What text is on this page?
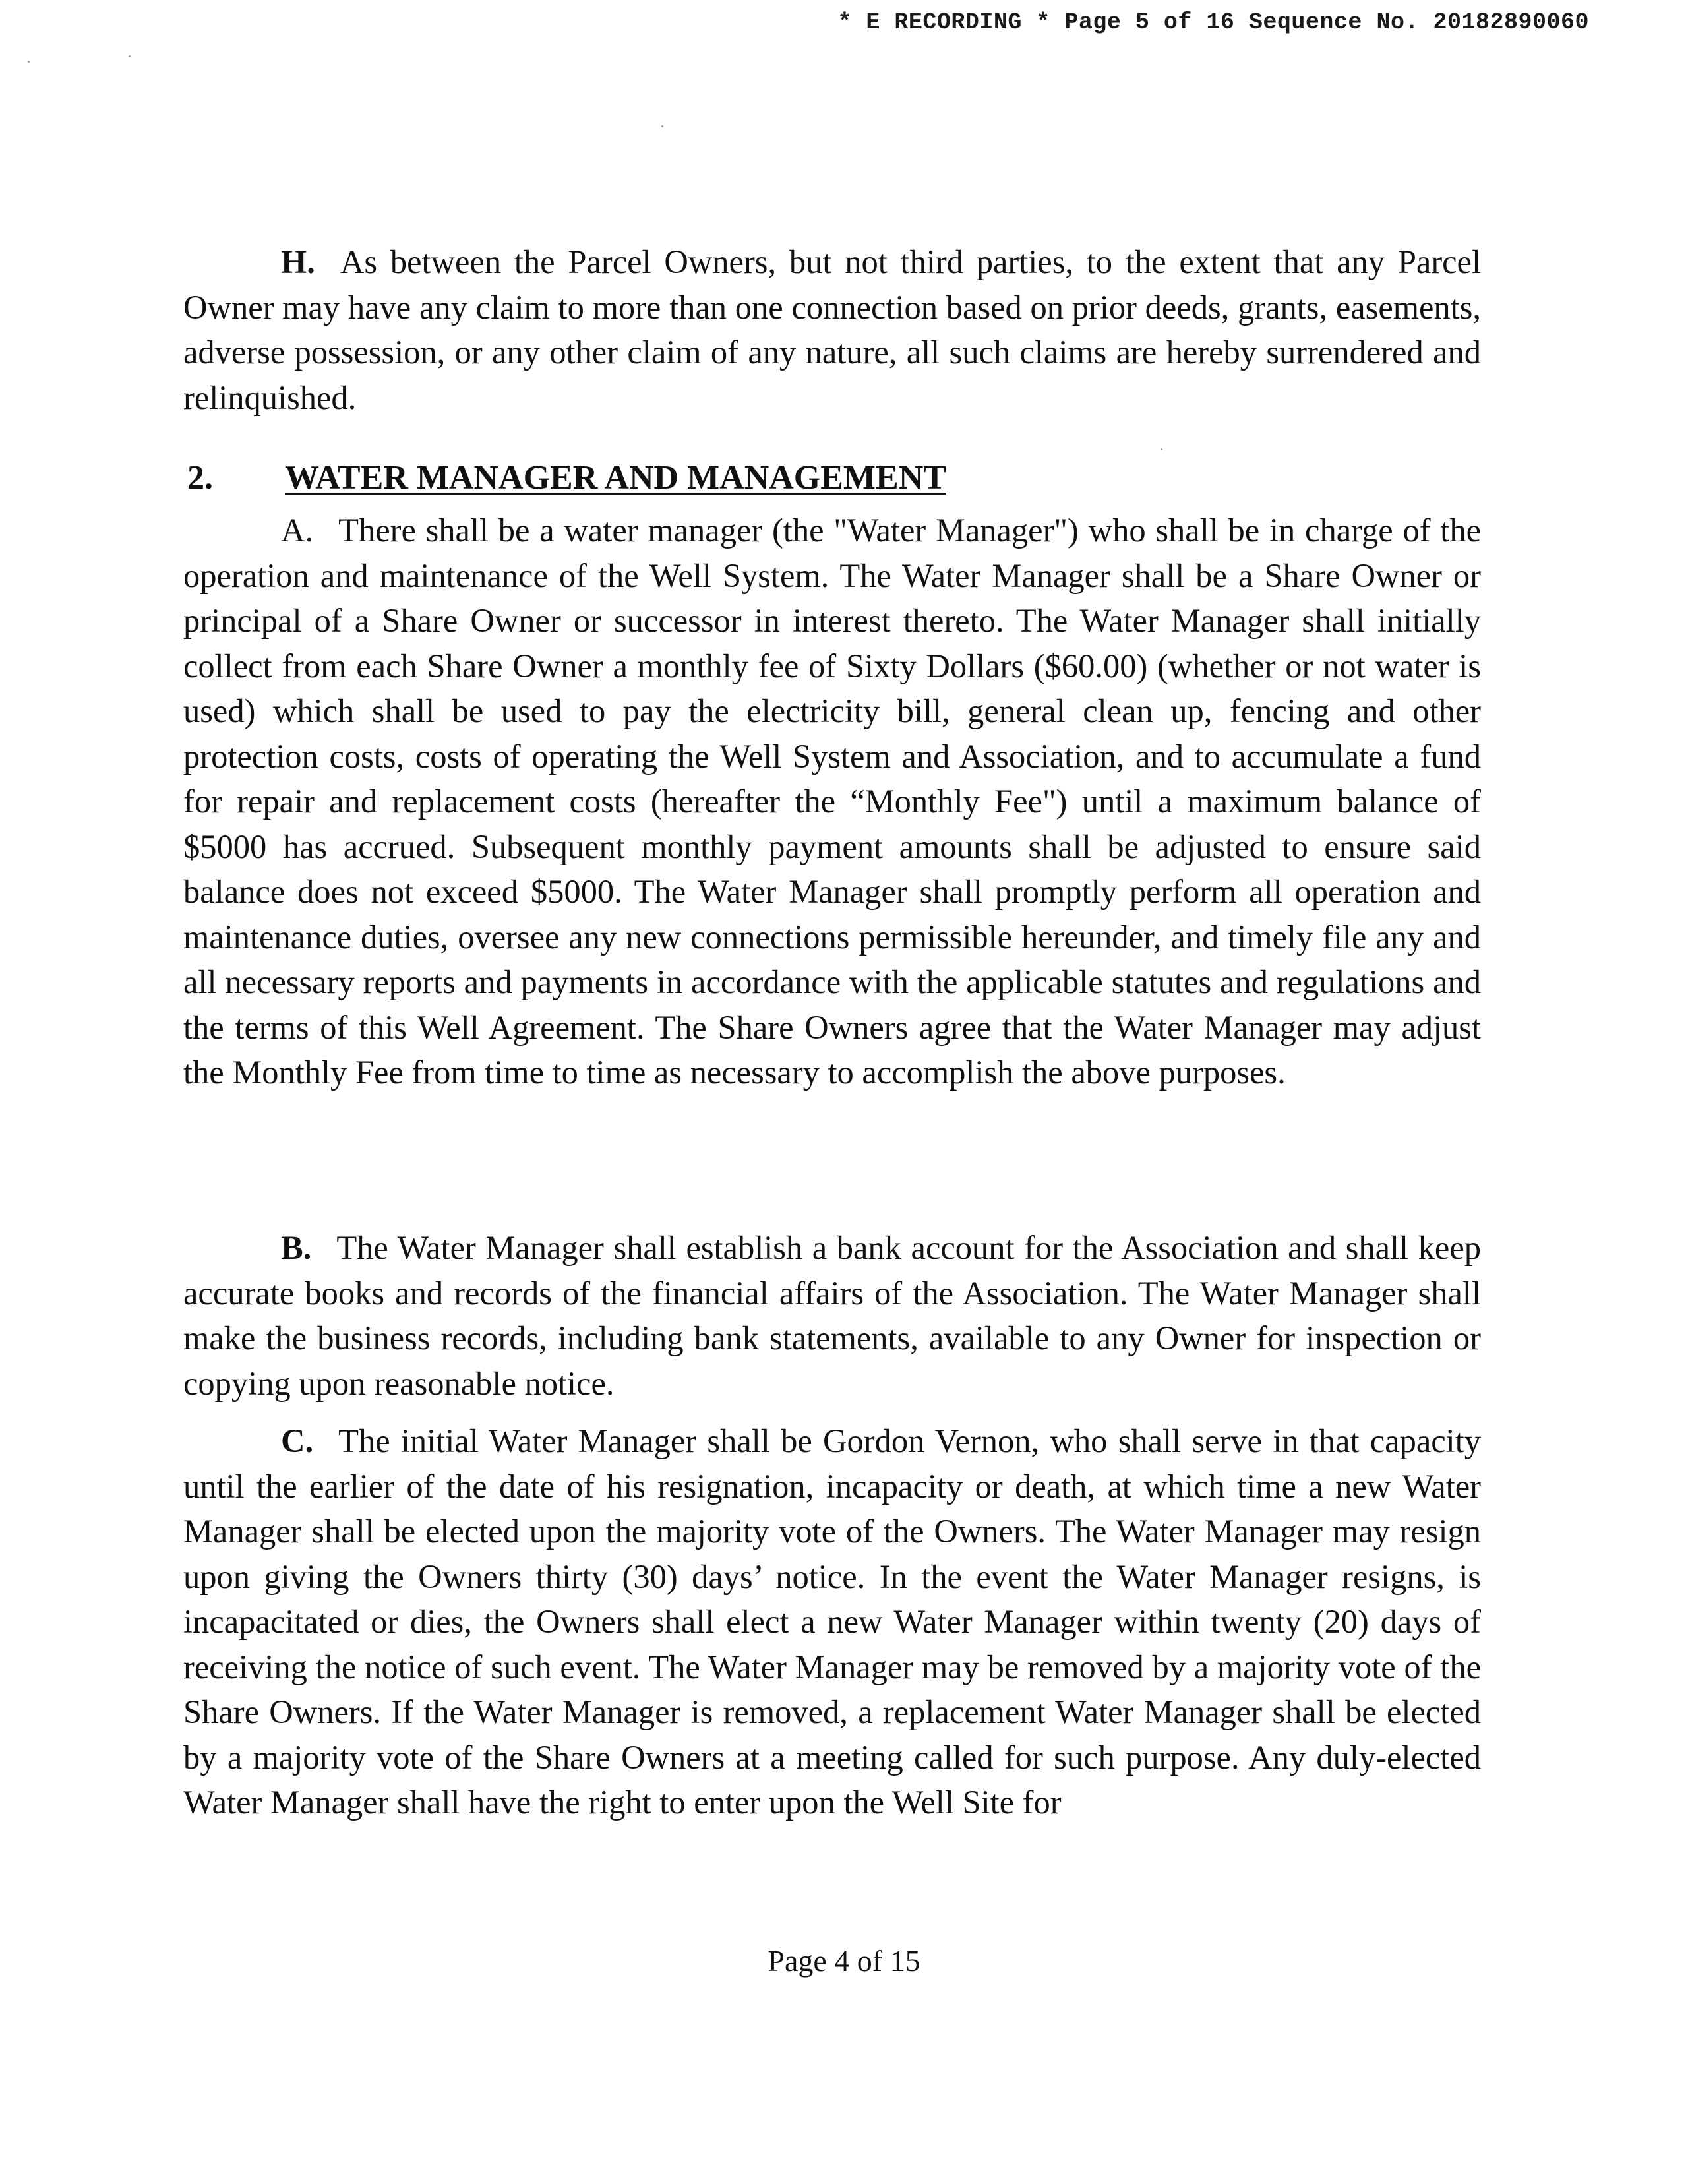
* E RECORDING * Page 5 of 16 Sequence No. 20182890060
H. As between the Parcel Owners, but not third parties, to the extent that any Parcel Owner may have any claim to more than one connection based on prior deeds, grants, easements, adverse possession, or any other claim of any nature, all such claims are hereby surrendered and relinquished.
2. WATER MANAGER AND MANAGEMENT
A. There shall be a water manager (the "Water Manager") who shall be in charge of the operation and maintenance of the Well System. The Water Manager shall be a Share Owner or principal of a Share Owner or successor in interest thereto. The Water Manager shall initially collect from each Share Owner a monthly fee of Sixty Dollars ($60.00) (whether or not water is used) which shall be used to pay the electricity bill, general clean up, fencing and other protection costs, costs of operating the Well System and Association, and to accumulate a fund for repair and replacement costs (hereafter the “Monthly Fee") until a maximum balance of $5000 has accrued. Subsequent monthly payment amounts shall be adjusted to ensure said balance does not exceed $5000. The Water Manager shall promptly perform all operation and maintenance duties, oversee any new connections permissible hereunder, and timely file any and all necessary reports and payments in accordance with the applicable statutes and regulations and the terms of this Well Agreement. The Share Owners agree that the Water Manager may adjust the Monthly Fee from time to time as necessary to accomplish the above purposes.
B. The Water Manager shall establish a bank account for the Association and shall keep accurate books and records of the financial affairs of the Association. The Water Manager shall make the business records, including bank statements, available to any Owner for inspection or copying upon reasonable notice.
C. The initial Water Manager shall be Gordon Vernon, who shall serve in that capacity until the earlier of the date of his resignation, incapacity or death, at which time a new Water Manager shall be elected upon the majority vote of the Owners. The Water Manager may resign upon giving the Owners thirty (30) days’ notice. In the event the Water Manager resigns, is incapacitated or dies, the Owners shall elect a new Water Manager within twenty (20) days of receiving the notice of such event. The Water Manager may be removed by a majority vote of the Share Owners. If the Water Manager is removed, a replacement Water Manager shall be elected by a majority vote of the Share Owners at a meeting called for such purpose. Any duly-elected Water Manager shall have the right to enter upon the Well Site for
Page 4 of 15
